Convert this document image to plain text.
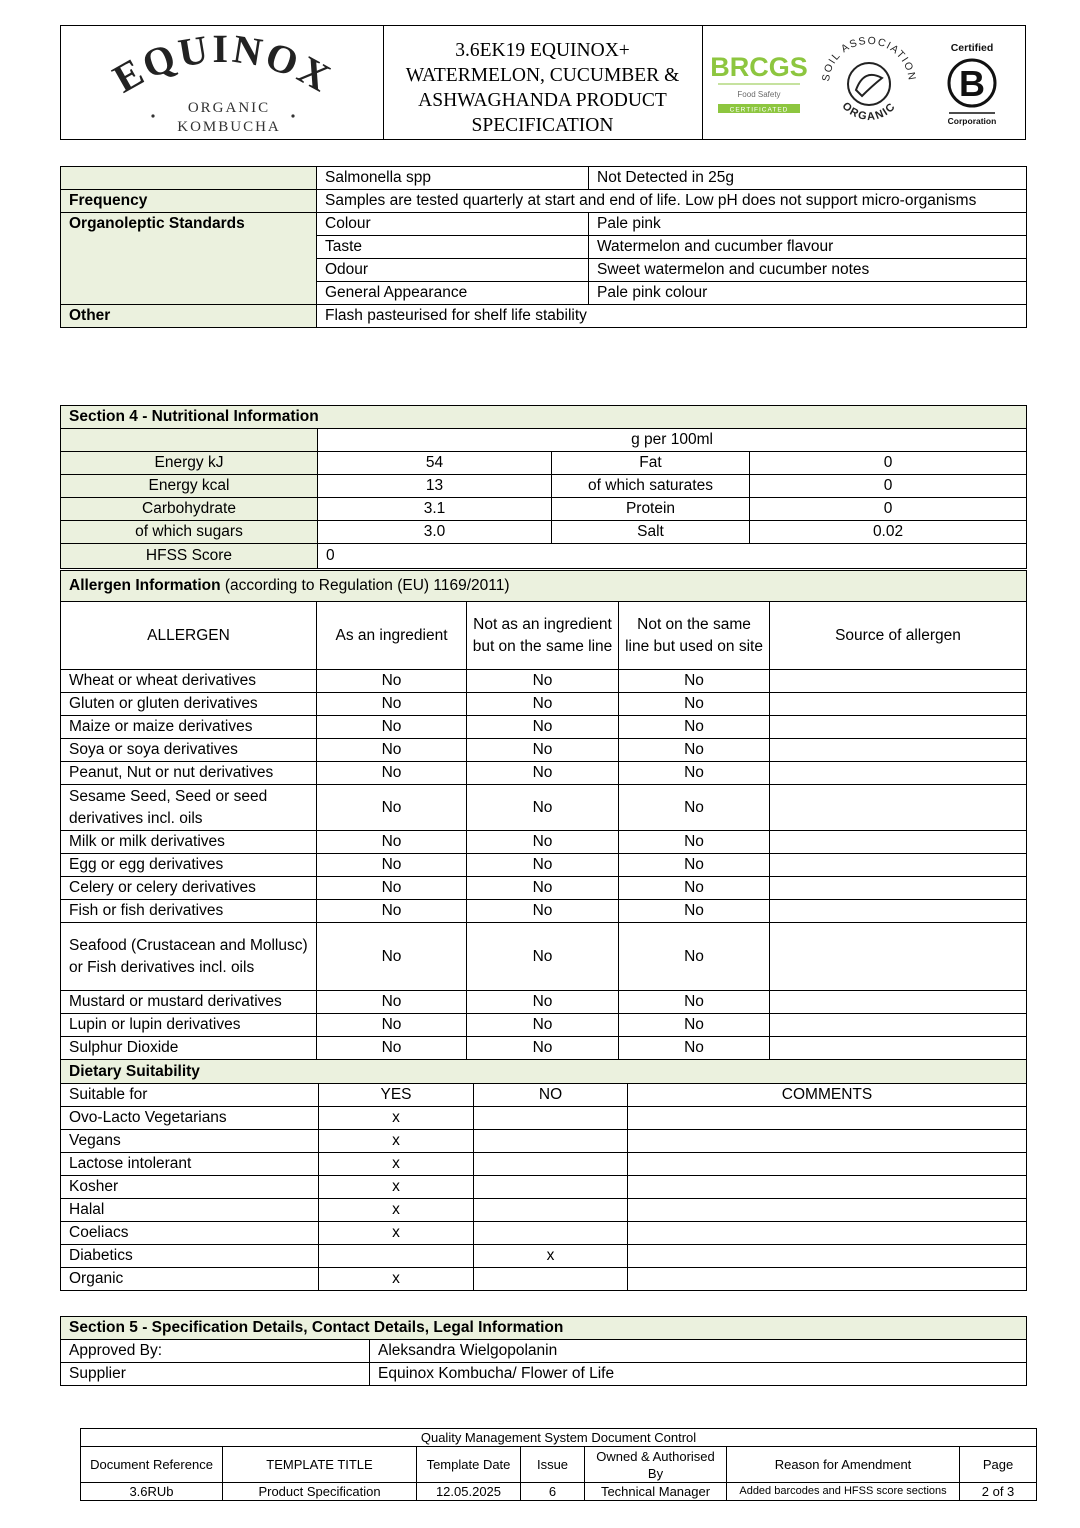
EQUINOX
ORGANIC
KOMBUCHA
3.6EK19 EQUINOX+
WATERMELON, CUCUMBER &
ASHWAGHANDA PRODUCT
SPECIFICATION
BRCGS
Food Safety
CERTIFICATED
SOIL ASSOCIATION
ORGANIC
Certified
B
Corporation
	Salmonella spp	Not Detected in 25g
Frequency	Samples are tested quarterly at start and end of life. Low pH does not support micro-organisms	
Organoleptic Standards	Colour	Pale pink
	Taste	Watermelon and cucumber flavour
	Odour	Sweet watermelon and cucumber notes
	General Appearance	Pale pink colour
Other	Flash pasteurised for shelf life stability	
Section 4 - Nutritional Information			
	g per 100ml		
Energy kJ	54	Fat	0
Energy kcal	13	of which saturates	0
Carbohydrate	3.1	Protein	0
of which sugars	3.0	Salt	0.02
HFSS Score	0		
Allergen Information (according to Regulation (EU) 1169/2011)				
ALLERGEN	As an ingredient	Not as an ingredient but on the same line	Not on the same line but used on site	Source of allergen
Wheat or wheat derivatives	No	No	No	
Gluten or gluten derivatives	No	No	No	
Maize or maize derivatives	No	No	No	
Soya or soya derivatives	No	No	No	
Peanut, Nut or nut derivatives	No	No	No	
Sesame Seed, Seed or seed derivatives incl. oils	No	No	No	
Milk or milk derivatives	No	No	No	
Egg or egg derivatives	No	No	No	
Celery or celery derivatives	No	No	No	
Fish or fish derivatives	No	No	No	
Seafood (Crustacean and Mollusc) or Fish derivatives incl. oils	No	No	No	
Mustard or mustard derivatives	No	No	No	
Lupin or lupin derivatives	No	No	No	
Sulphur Dioxide	No	No	No	
Dietary Suitability			
Suitable for	YES	NO	COMMENTS
Ovo-Lacto Vegetarians	x		
Vegans	x		
Lactose intolerant	x		
Kosher	x		
Halal	x		
Coeliacs	x		
Diabetics		x	
Organic	x		
Section 5 - Specification Details, Contact Details, Legal Information	
Approved By:	Aleksandra Wielgopolanin
Supplier	Equinox Kombucha/ Flower of Life
Quality Management System Document Control						
Document Reference	TEMPLATE TITLE	Template Date	Issue	Owned & Authorised By	Reason for Amendment	Page
3.6RUb	Product Specification	12.05.2025	6	Technical Manager	Added barcodes and HFSS score sections	2 of 3
